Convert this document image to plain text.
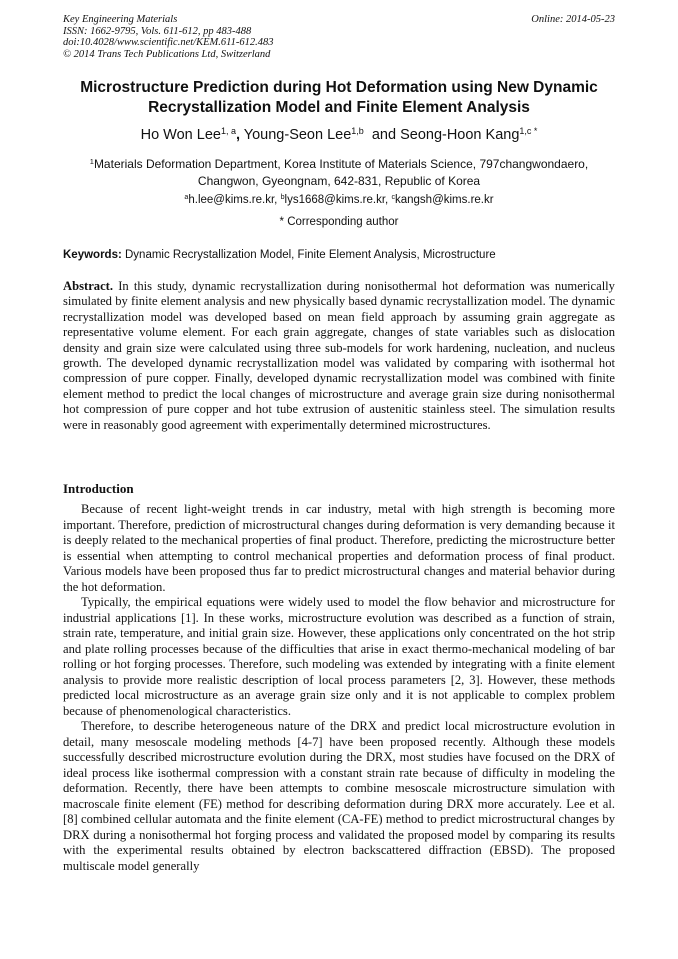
Key Engineering Materials
ISSN: 1662-9795, Vols. 611-612, pp 483-488
doi:10.4028/www.scientific.net/KEM.611-612.483
© 2014 Trans Tech Publications Ltd, Switzerland
Online: 2014-05-23
Microstructure Prediction during Hot Deformation using New Dynamic
Recrystallization Model and Finite Element Analysis
Ho Won Lee$^{1, a}$, Young-Seon Lee$^{1,b}$ and Seong-Hoon Kang$^{1,c *}$
$^1$Materials Deformation Department, Korea Institute of Materials Science, 797changwondaero,
Changwon, Gyeongnam, 642-831, Republic of Korea
$^a$h.lee@kims.re.kr, $^b$lys1668@kims.re.kr, $^c$kangsh@kims.re.kr
* Corresponding author
Keywords: Dynamic Recrystallization Model, Finite Element Analysis, Microstructure
Abstract. In this study, dynamic recrystallization during nonisothermal hot deformation was numerically simulated by finite element analysis and new physically based dynamic recrystallization model. The dynamic recrystallization model was developed based on mean field approach by assuming grain aggregate as representative volume element. For each grain aggregate, changes of state variables such as dislocation density and grain size were calculated using three sub-models for work hardening, nucleation, and nucleus growth. The developed dynamic recrystallization model was validated by comparing with isothermal hot compression of pure copper. Finally, developed dynamic recrystallization model was combined with finite element method to predict the local changes of microstructure and average grain size during nonisothermal hot compression of pure copper and hot tube extrusion of austenitic stainless steel. The simulation results were in reasonably good agreement with experimentally determined microstructures.
Introduction

Because of recent light-weight trends in car industry, metal with high strength is becoming more important. Therefore, prediction of microstructural changes during deformation is very demanding because it is deeply related to the mechanical properties of final product. Therefore, predicting the microstructure better is essential when attempting to control mechanical properties and deformation process of final product. Various models have been proposed thus far to predict microstructural changes and material behavior during the hot deformation.

Typically, the empirical equations were widely used to model the flow behavior and microstructure for industrial applications [1]. In these works, microstructure evolution was described as a function of strain, strain rate, temperature, and initial grain size. However, these applications only concentrated on the hot strip and plate rolling processes because of the difficulties that arise in exact thermo-mechanical modeling of bar rolling or hot forging processes. Therefore, such modeling was extended by integrating with a finite element analysis to provide more realistic description of local process parameters [2, 3]. However, these methods predicted local microstructure as an average grain size only and it is not applicable to complex problem because of phenomenological characteristics.

Therefore, to describe heterogeneous nature of the DRX and predict local microstructure evolution in detail, many mesoscale modeling methods [4-7] have been proposed recently. Although these models successfully described microstructure evolution during the DRX, most studies have focused on the DRX of ideal process like isothermal compression with a constant strain rate because of difficulty in modeling the deformation. Recently, there have been attempts to combine mesoscale microstructure simulation with macroscale finite element (FE) method for describing deformation during DRX more accurately. Lee et al. [8] combined cellular automata and the finite element (CA-FE) method to predict microstructural changes by DRX during a nonisothermal hot forging process and validated the proposed model by comparing its results with the experimental results obtained by electron backscattered diffraction (EBSD). The proposed multiscale model generally
